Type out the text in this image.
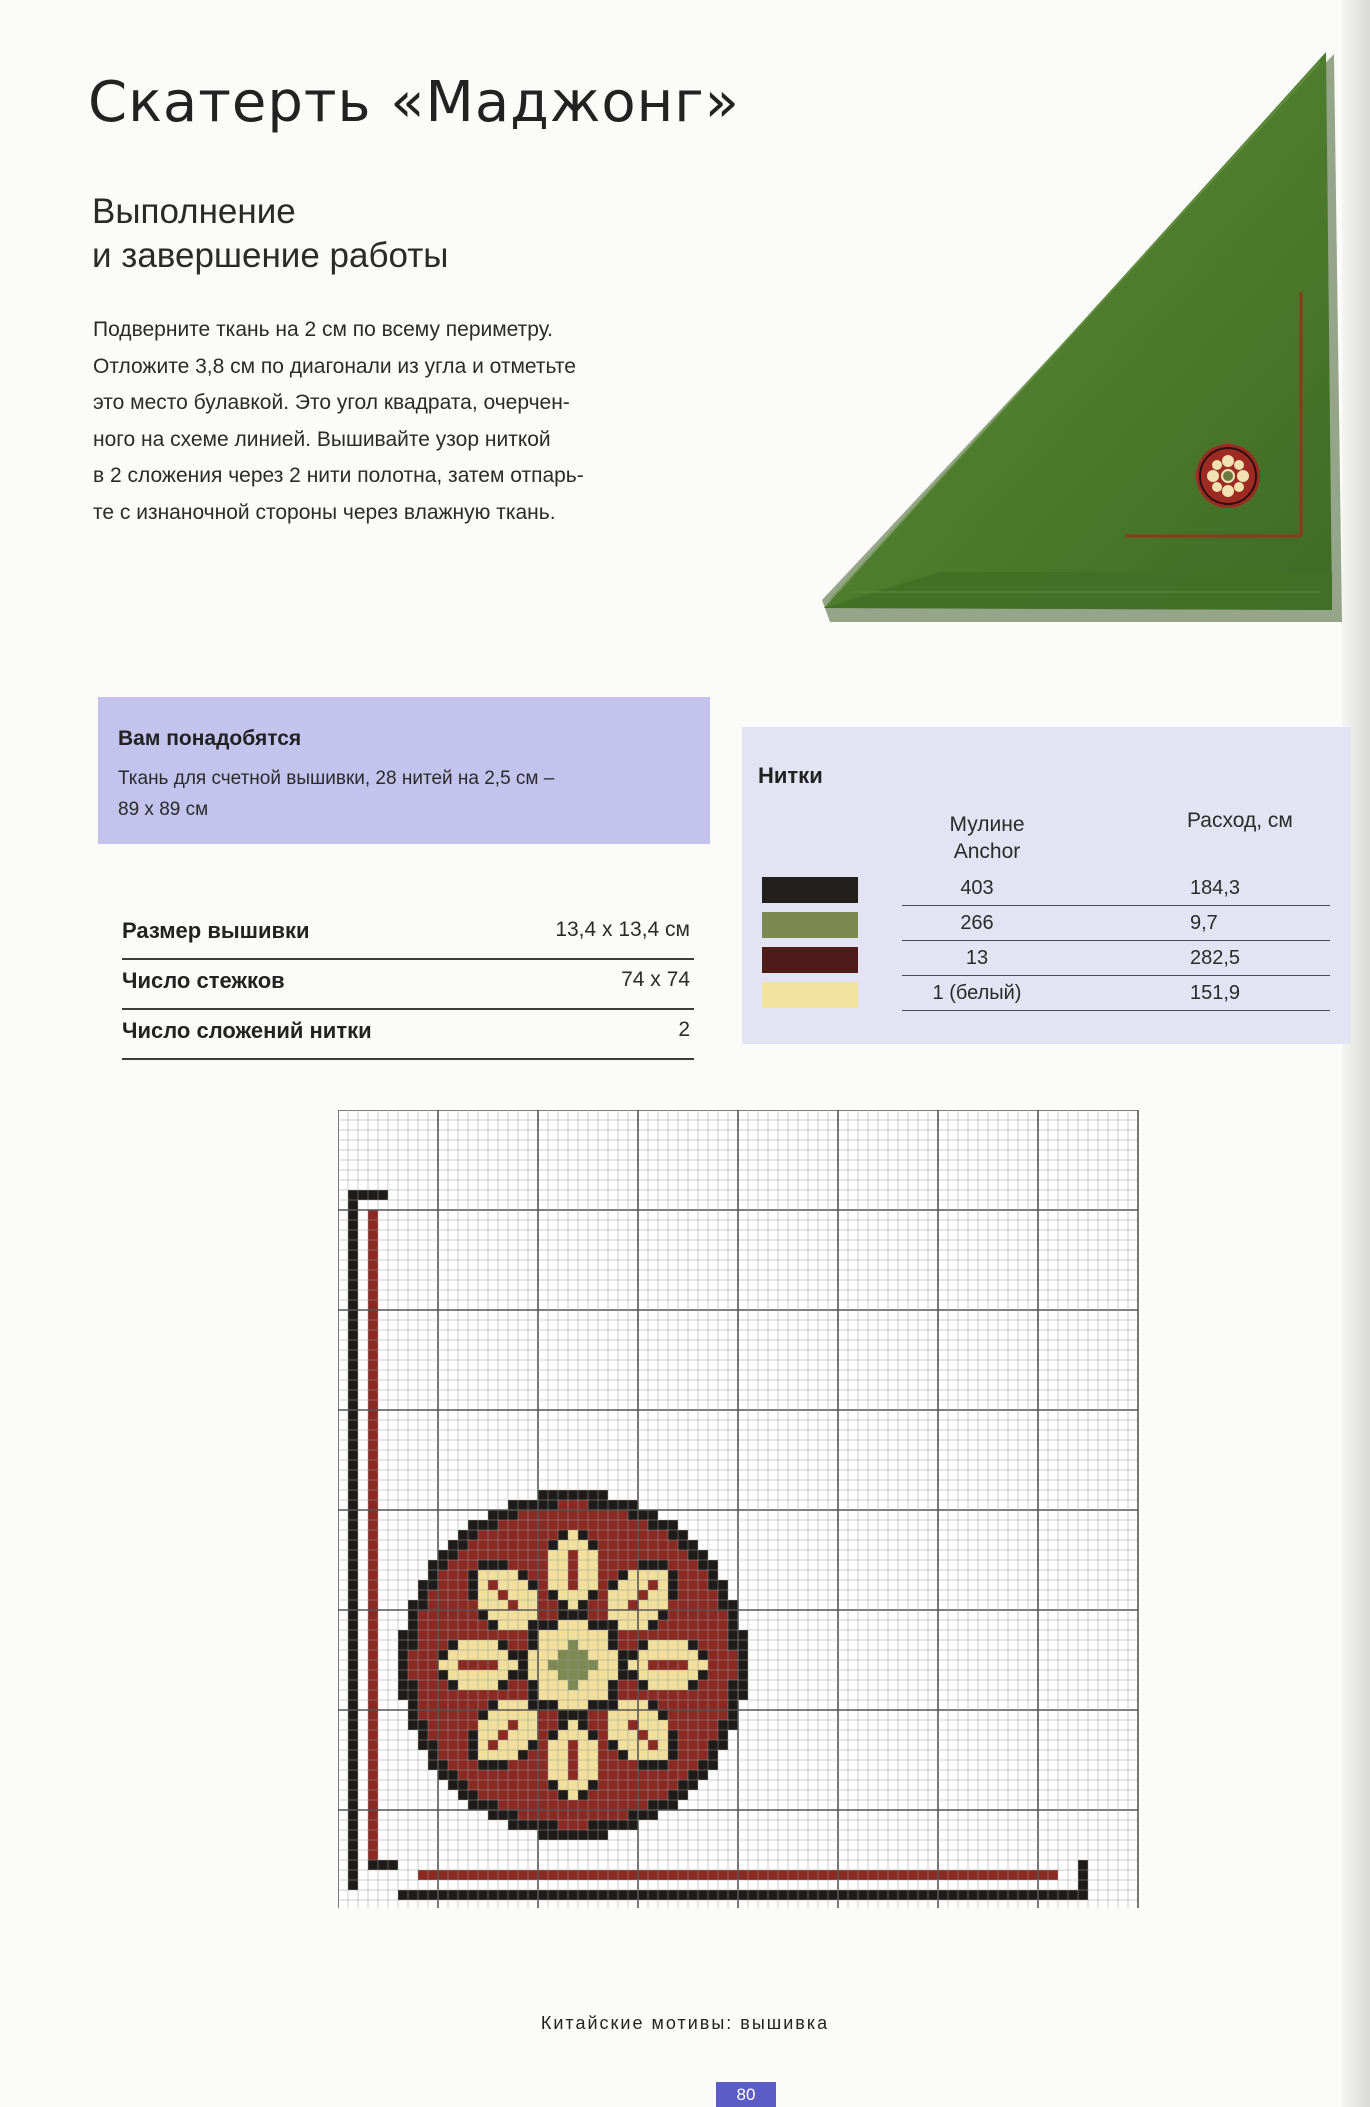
Скатерть «Маджонг»
Выполнение
и завершение работы
Подверните ткань на 2 см по всему периметру.
Отложите 3,8 см по диагонали из угла и отметьте
это место булавкой. Это угол квадрата, очерчен-
ного на схеме линией. Вышивайте узор ниткой
в 2 сложения через 2 нити полотна, затем отпарь-
те с изнаночной стороны через влажную ткань.
Вам понадобятся
Ткань для счетной вышивки, 28 нитей на 2,5 см –
89 х 89 см
Нитки
Мулине
Anchor
Расход, см
403	184,3
266	9,7
13	282,5
1 (белый)	151,9
Размер вышивки	13,4 х 13,4 см
Число стежков	74 х 74
Число сложений нитки	2
Китайские мотивы: вышивка
80
